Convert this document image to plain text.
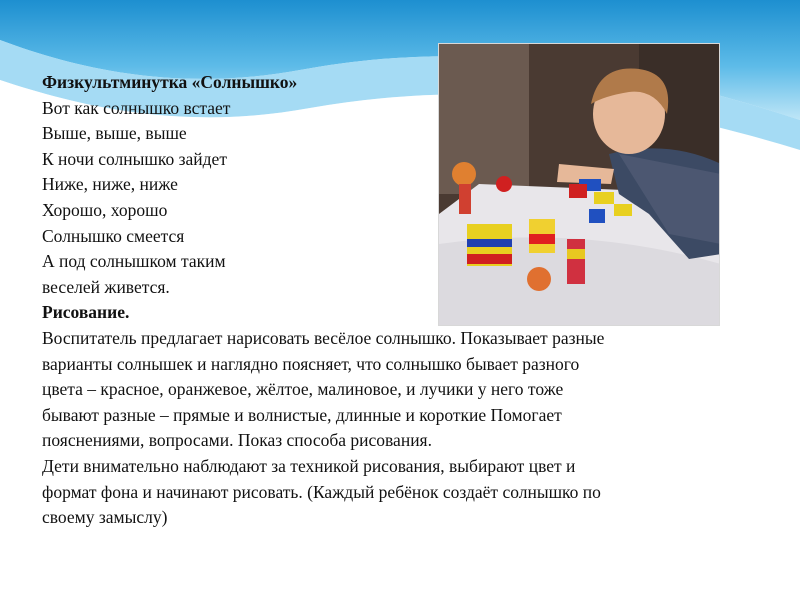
Физкультминутка «Солнышко»
Вот как солнышко встает
Выше, выше, выше
К ночи солнышко зайдет
Ниже, ниже, ниже
Хорошо, хорошо
Солнышко смеется
А под солнышком таким
веселей живется.
Рисование.
Воспитатель предлагает нарисовать весёлое солнышко. Показывает разные
варианты солнышек и наглядно поясняет, что солнышко бывает разного
цвета – красное, оранжевое, жёлтое, малиновое, и лучики у него тоже
бывают разные – прямые и волнистые, длинные и короткие Помогает
пояснениями, вопросами. Показ способа рисования.
Дети внимательно наблюдают за техникой рисования, выбирают цвет и
формат фона и начинают рисовать. (Каждый ребёнок создаёт солнышко по
своему замыслу)
